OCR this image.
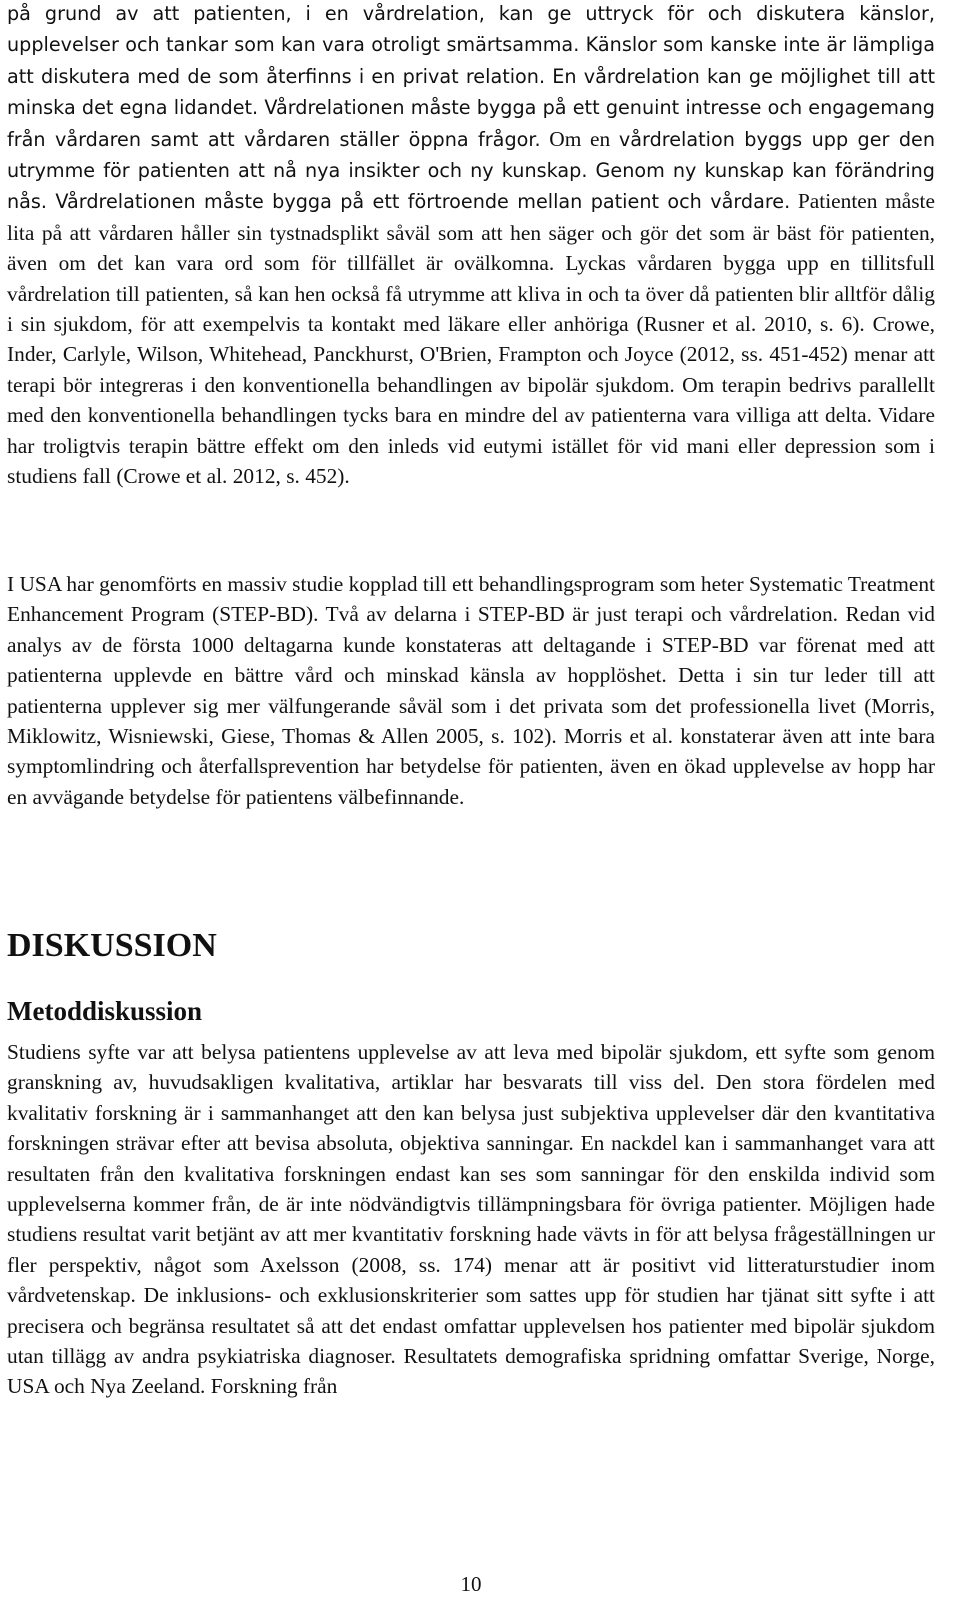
på grund av att patienten, i en vårdrelation, kan ge uttryck för och diskutera känslor, upplevelser och tankar som kan vara otroligt smärtsamma. Känslor som kanske inte är lämpliga att diskutera med de som återfinns i en privat relation. En vårdrelation kan ge möjlighet till att minska det egna lidandet. Vårdrelationen måste bygga på ett genuint intresse och engagemang från vårdaren samt att vårdaren ställer öppna frågor. Om en vårdrelation byggs upp ger den utrymme för patienten att nå nya insikter och ny kunskap. Genom ny kunskap kan förändring nås. Vårdrelationen måste bygga på ett förtroende mellan patient och vårdare. Patienten måste lita på att vårdaren håller sin tystnadsplikt såväl som att hen säger och gör det som är bäst för patienten, även om det kan vara ord som för tillfället är ovälkomna. Lyckas vårdaren bygga upp en tillitsfull vårdrelation till patienten, så kan hen också få utrymme att kliva in och ta över då patienten blir alltför dålig i sin sjukdom, för att exempelvis ta kontakt med läkare eller anhöriga (Rusner et al. 2010, s. 6). Crowe, Inder, Carlyle, Wilson, Whitehead, Panckhurst, O'Brien, Frampton och Joyce (2012, ss. 451-452) menar att terapi bör integreras i den konventionella behandlingen av bipolär sjukdom. Om terapin bedrivs parallellt med den konventionella behandlingen tycks bara en mindre del av patienterna vara villiga att delta. Vidare har troligtvis terapin bättre effekt om den inleds vid eutymi istället för vid mani eller depression som i studiens fall (Crowe et al. 2012, s. 452).

I USA har genomförts en massiv studie kopplad till ett behandlingsprogram som heter Systematic Treatment Enhancement Program (STEP-BD). Två av delarna i STEP-BD är just terapi och vårdrelation. Redan vid analys av de första 1000 deltagarna kunde konstateras att deltagande i STEP-BD var förenat med att patienterna upplevde en bättre vård och minskad känsla av hopplöshet. Detta i sin tur leder till att patienterna upplever sig mer välfungerande såväl som i det privata som det professionella livet (Morris, Miklowitz, Wisniewski, Giese, Thomas & Allen 2005, s. 102). Morris et al. konstaterar även att inte bara symptomlindring och återfallsprevention har betydelse för patienten, även en ökad upplevelse av hopp har en avvägande betydelse för patientens välbefinnande.

DISKUSSION
Metoddiskussion

Studiens syfte var att belysa patientens upplevelse av att leva med bipolär sjukdom, ett syfte som genom granskning av, huvudsakligen kvalitativa, artiklar har besvarats till viss del. Den stora fördelen med kvalitativ forskning är i sammanhanget att den kan belysa just subjektiva upplevelser där den kvantitativa forskningen strävar efter att bevisa absoluta, objektiva sanningar. En nackdel kan i sammanhanget vara att resultaten från den kvalitativa forskningen endast kan ses som sanningar för den enskilda individ som upplevelserna kommer från, de är inte nödvändigtvis tillämpningsbara för övriga patienter. Möjligen hade studiens resultat varit betjänt av att mer kvantitativ forskning hade vävts in för att belysa frågeställningen ur fler perspektiv, något som Axelsson (2008, ss. 174) menar att är positivt vid litteraturstudier inom vårdvetenskap. De inklusions- och exklusionskriterier som sattes upp för studien har tjänat sitt syfte i att precisera och begränsa resultatet så att det endast omfattar upplevelsen hos patienter med bipolär sjukdom utan tillägg av andra psykiatriska diagnoser. Resultatets demografiska spridning omfattar Sverige, Norge, USA och Nya Zeeland. Forskning från

10
